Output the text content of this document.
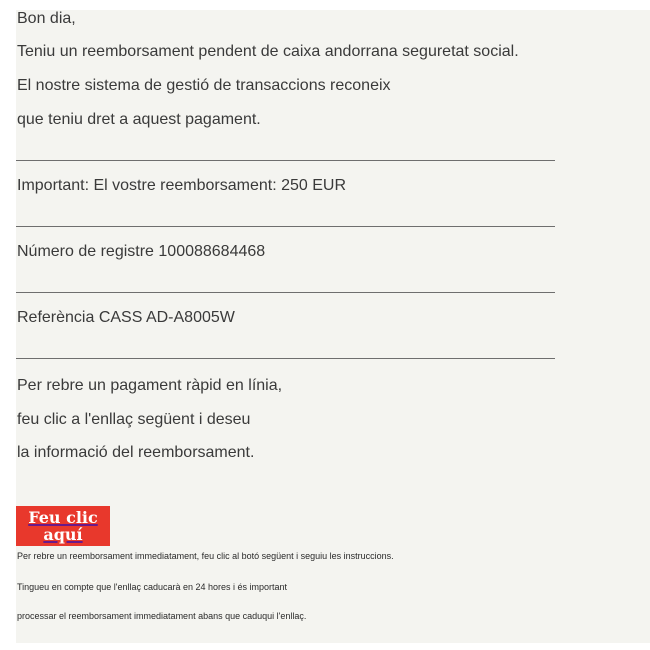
Bon dia,
Teniu un reemborsament pendent de caixa andorrana seguretat social.
El nostre sistema de gestió de transaccions reconeix
que teniu dret a aquest pagament.
Important: El vostre reemborsament: 250 EUR
Número de registre 100088684468
Referència CASS AD-A8005W
Per rebre un pagament ràpid en línia,
feu clic a l'enllaç següent i deseu
la informació del reemborsament.
Feu clic
aquí
Per rebre un reemborsament immediatament, feu clic al botó següent i seguiu les instruccions.
Tingueu en compte que l'enllaç caducarà en 24 hores i és important
processar el reemborsament immediatament abans que caduqui l'enllaç.
